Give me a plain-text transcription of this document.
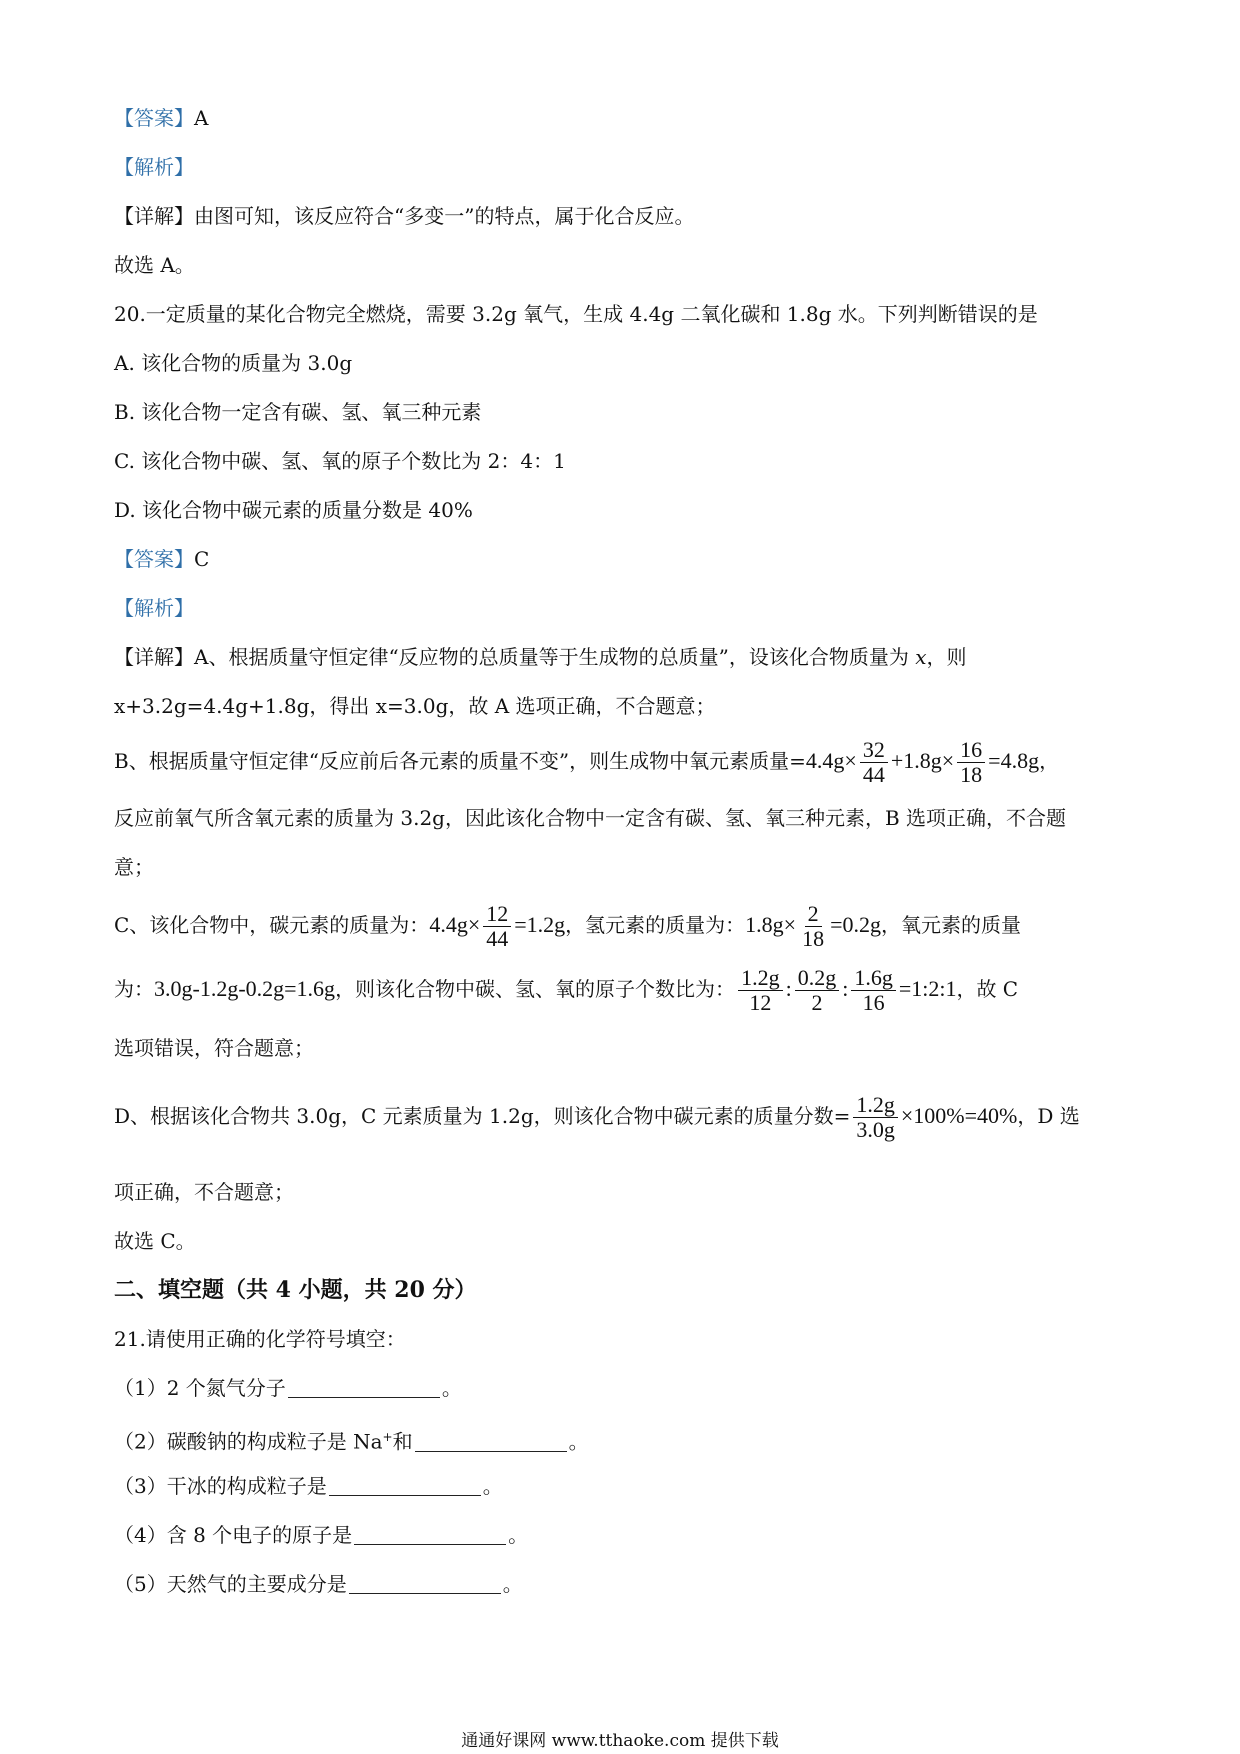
【答案】A
【解析】
【详解】由图可知，该反应符合“多变一”的特点，属于化合反应。
故选 A。
20.一定质量的某化合物完全燃烧，需要 3.2g 氧气，生成 4.4g 二氧化碳和 1.8g 水。下列判断错误的是
A. 该化合物的质量为 3.0g
B. 该化合物一定含有碳、氢、氧三种元素
C. 该化合物中碳、氢、氧的原子个数比为 2：4：1
D. 该化合物中碳元素的质量分数是 40%
【答案】C
【解析】
【详解】A、根据质量守恒定律“反应物的总质量等于生成物的总质量”，设该化合物质量为 x，则
x+3.2g=4.4g+1.8g，得出 x=3.0g，故 A 选项正确，不合题意；
B、根据质量守恒定律“反应前后各元素的质量不变”，则生成物中氧元素质量$=4.4g\times \frac{32}{44} +1.8g\times \frac{16}{18} =4.8g$，
反应前氧气所含氧元素的质量为 3.2g，因此该化合物中一定含有碳、氢、氧三种元素，B 选项正确，不合题
意；
C、该化合物中，碳元素的质量为：$4.4g\times \frac{12}{44} =1.2g$，氢元素的质量为：$1.8g\times \frac{2}{18} =0.2g$，氧元素的质量
为：3.0g-1.2g-0.2g=1.6g，则该化合物中碳、氢、氧的原子个数比为： $\frac{1.2g}{12}$ : $\frac{0.2g}{2}$ : $\frac{1.6g}{16}$ =1:2:1，故 C
选项错误，符合题意；
D、根据该化合物共 3.0g，C 元素质量为 1.2g，则该化合物中碳元素的质量分数= $\frac{1.2g}{3.0g} \times 100\%=40\%$，D 选
项正确，不合题意；
故选 C。
二、填空题（共 4 小题，共 20 分）
21.请使用正确的化学符号填空：
（1）2 个氮气分子	。
（2）碳酸钠的构成粒子是 Na+和	。
（3）干冰的构成粒子是	。
（4）含 8 个电子的原子是	。
（5）天然气的主要成分是	。
通通好课网 www.tthaoke.com 提供下载
